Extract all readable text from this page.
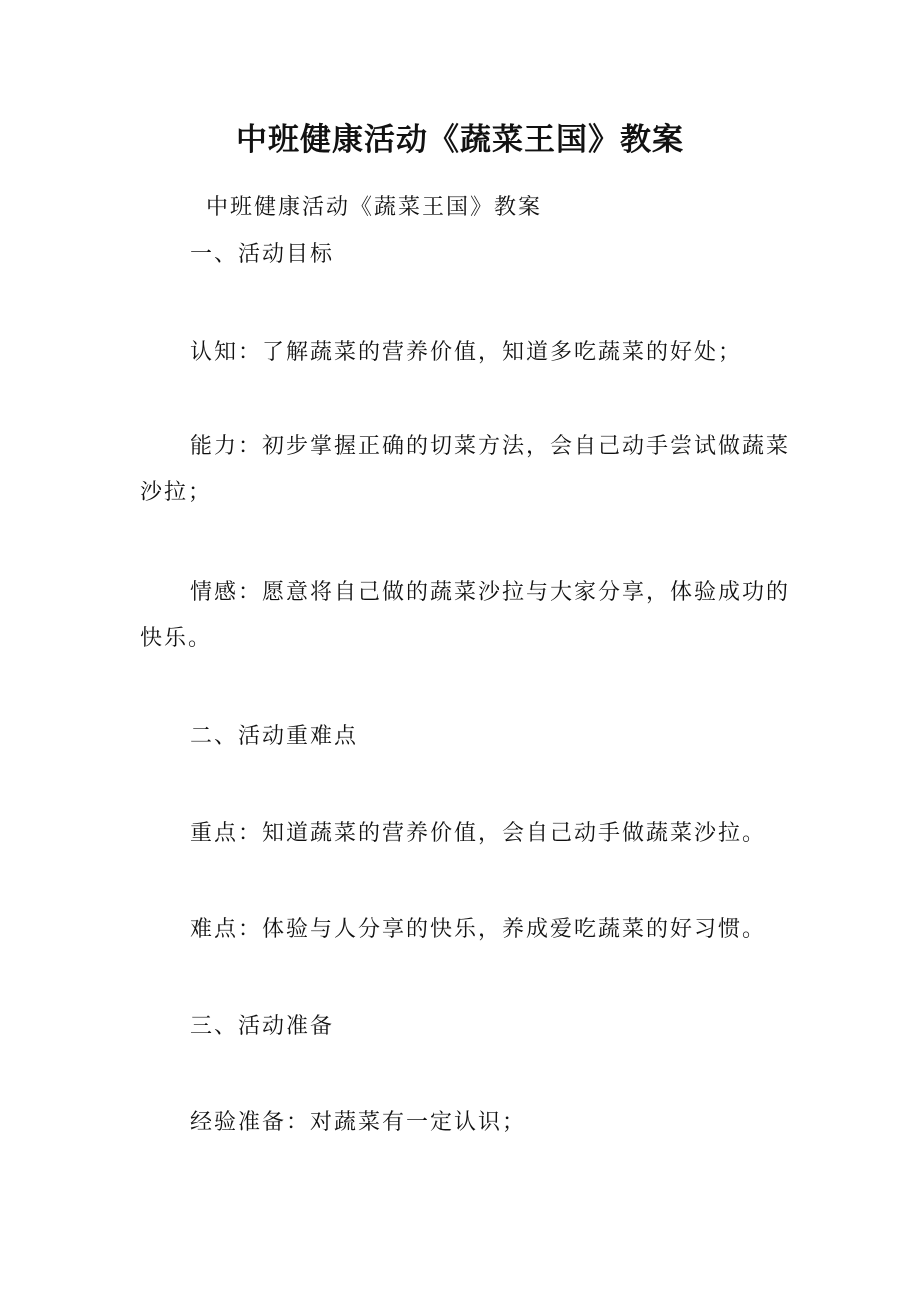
中班健康活动《蔬菜王国》教案
中班健康活动《蔬菜王国》教案
一、活动目标
认知：了解蔬菜的营养价值，知道多吃蔬菜的好处；
能力：初步掌握正确的切菜方法，会自己动手尝试做蔬菜沙拉；
情感：愿意将自己做的蔬菜沙拉与大家分享，体验成功的快乐。
二、活动重难点
重点：知道蔬菜的营养价值，会自己动手做蔬菜沙拉。
难点：体验与人分享的快乐，养成爱吃蔬菜的好习惯。
三、活动准备
经验准备：对蔬菜有一定认识；
